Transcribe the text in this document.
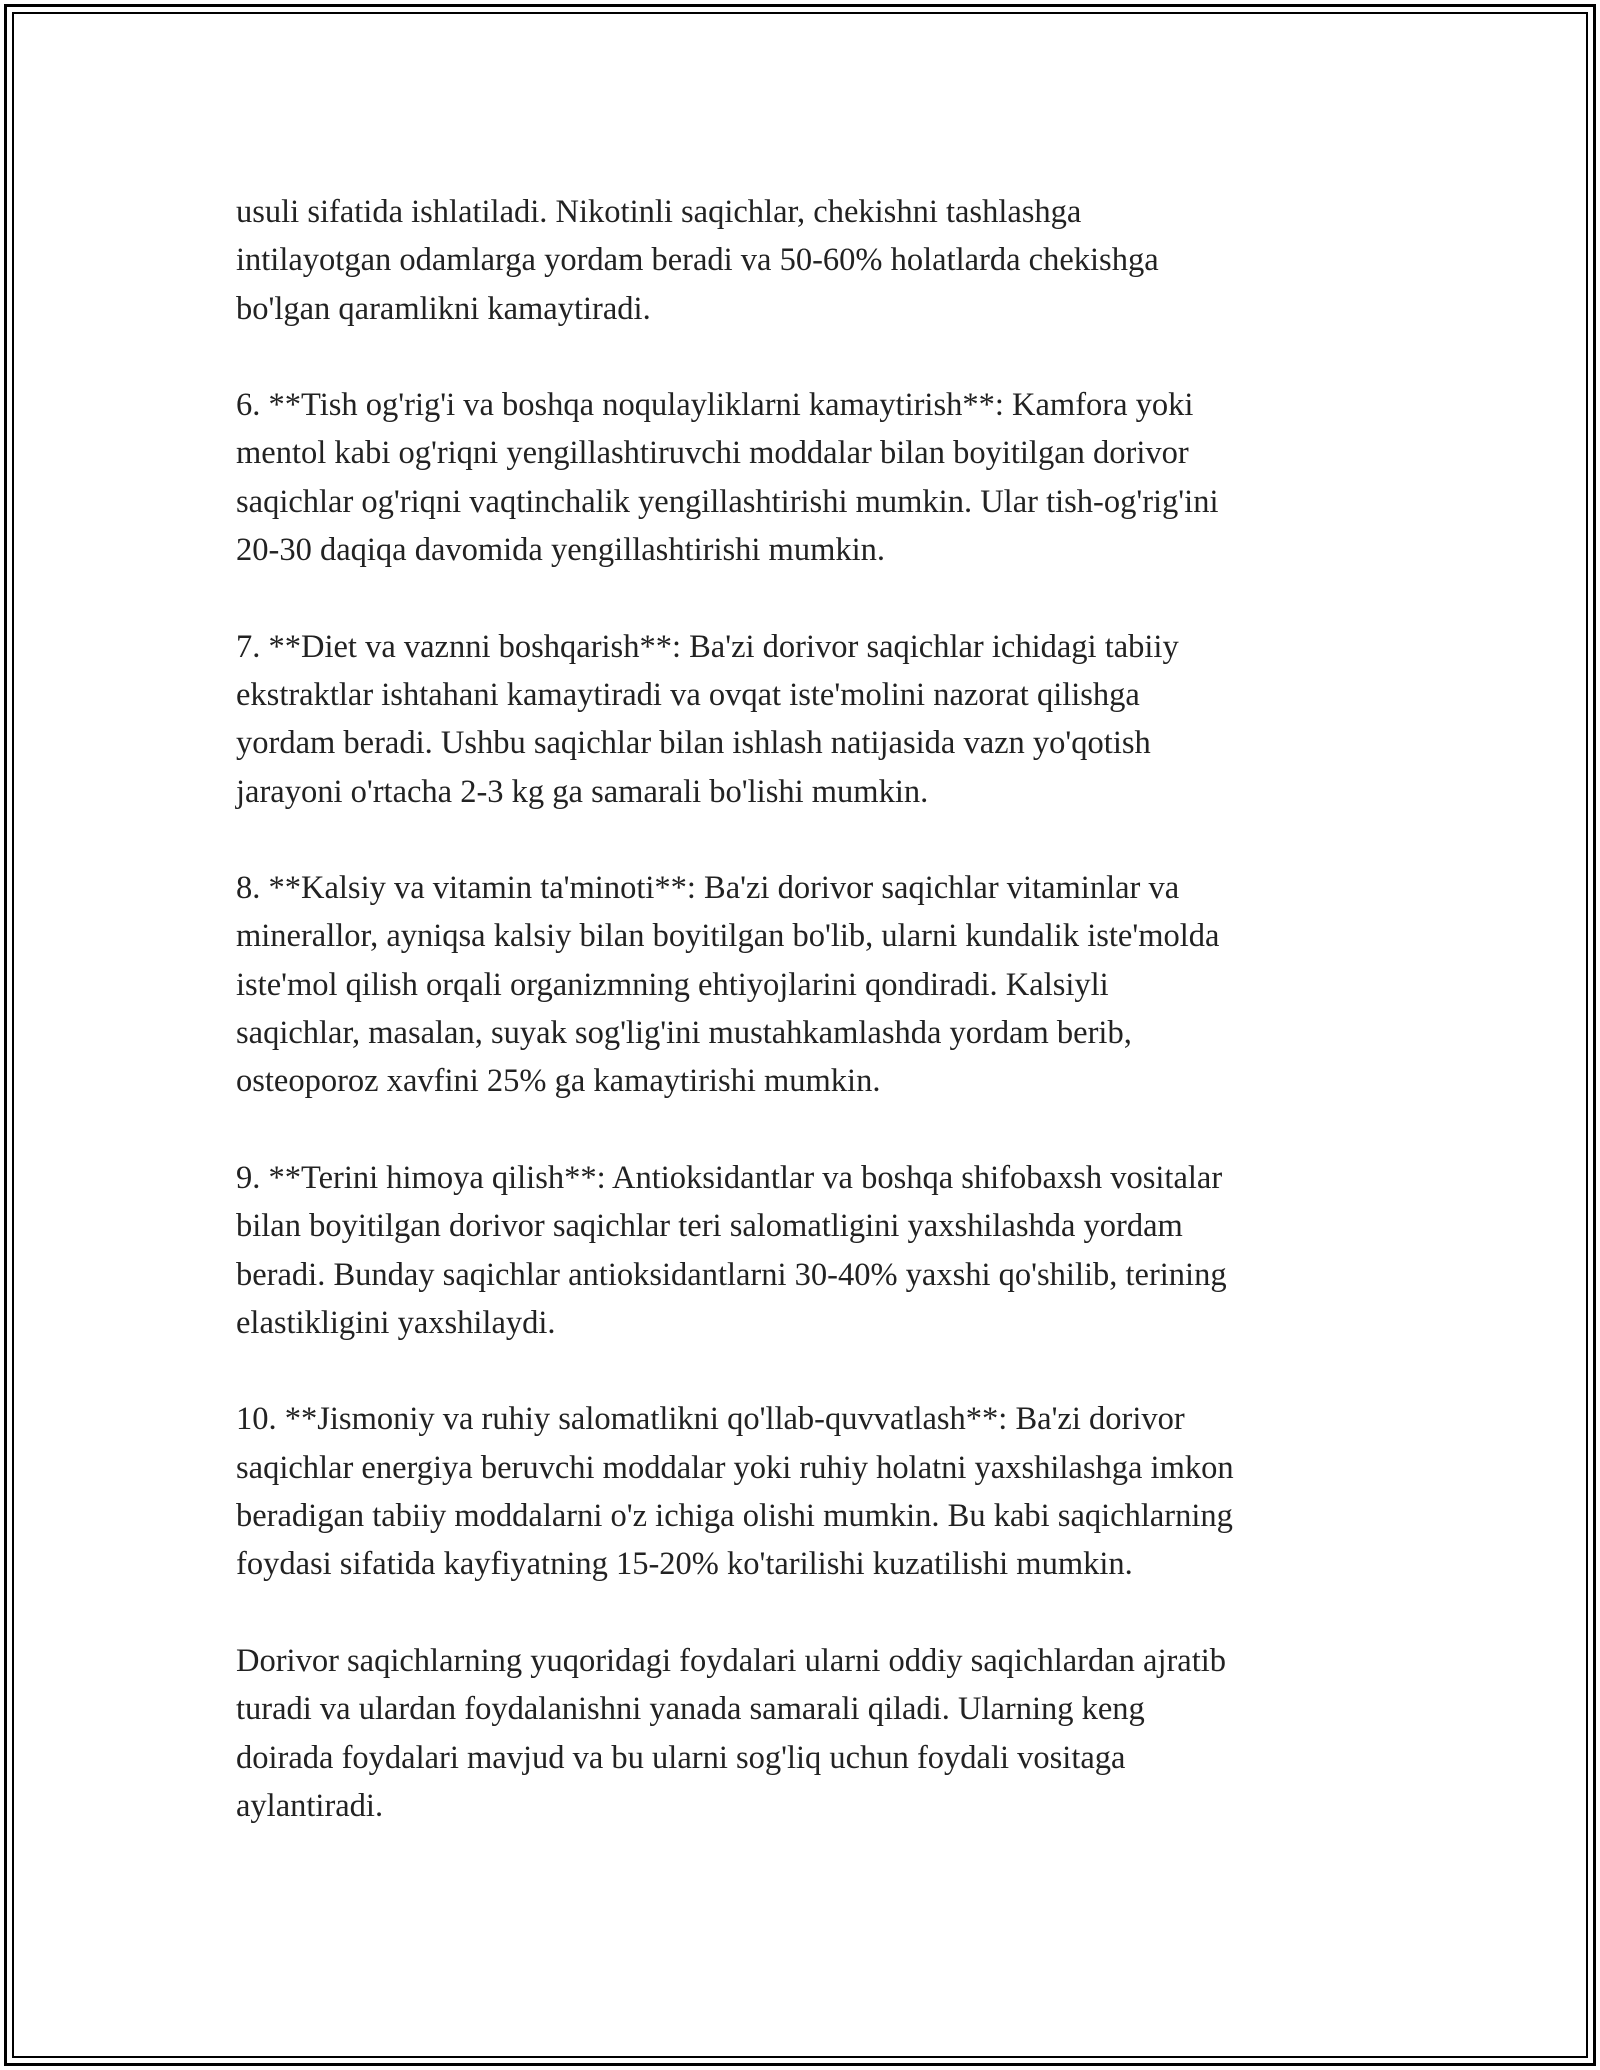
usuli sifatida ishlatiladi. Nikotinli saqichlar, chekishni tashlashga
intilayotgan odamlarga yordam beradi va 50-60% holatlarda chekishga
bo'lgan qaramlikni kamaytiradi.

6. **Tish og'rig'i va boshqa noqulayliklarni kamaytirish**: Kamfora yoki
mentol kabi og'riqni yengillashtiruvchi moddalar bilan boyitilgan dorivor
saqichlar og'riqni vaqtinchalik yengillashtirishi mumkin. Ular tish-og'rig'ini
20-30 daqiqa davomida yengillashtirishi mumkin.

7. **Diet va vaznni boshqarish**: Ba'zi dorivor saqichlar ichidagi tabiiy
ekstraktlar ishtahani kamaytiradi va ovqat iste'molini nazorat qilishga
yordam beradi. Ushbu saqichlar bilan ishlash natijasida vazn yo'qotish
jarayoni o'rtacha 2-3 kg ga samarali bo'lishi mumkin.

8. **Kalsiy va vitamin ta'minoti**: Ba'zi dorivor saqichlar vitaminlar va
minerallor, ayniqsa kalsiy bilan boyitilgan bo'lib, ularni kundalik iste'molda
iste'mol qilish orqali organizmning ehtiyojlarini qondiradi. Kalsiyli
saqichlar, masalan, suyak sog'lig'ini mustahkamlashda yordam berib,
osteoporoz xavfini 25% ga kamaytirishi mumkin.

9. **Terini himoya qilish**: Antioksidantlar va boshqa shifobaxsh vositalar
bilan boyitilgan dorivor saqichlar teri salomatligini yaxshilashda yordam
beradi. Bunday saqichlar antioksidantlarni 30-40% yaxshi qo'shilib, terining
elastikligini yaxshilaydi.

10. **Jismoniy va ruhiy salomatlikni qo'llab-quvvatlash**: Ba'zi dorivor
saqichlar energiya beruvchi moddalar yoki ruhiy holatni yaxshilashga imkon
beradigan tabiiy moddalarni o'z ichiga olishi mumkin. Bu kabi saqichlarning
foydasi sifatida kayfiyatning 15-20% ko'tarilishi kuzatilishi mumkin.

Dorivor saqichlarning yuqoridagi foydalari ularni oddiy saqichlardan ajratib
turadi va ulardan foydalanishni yanada samarali qiladi. Ularning keng
doirada foydalari mavjud va bu ularni sog'liq uchun foydali vositaga
aylantiradi.
